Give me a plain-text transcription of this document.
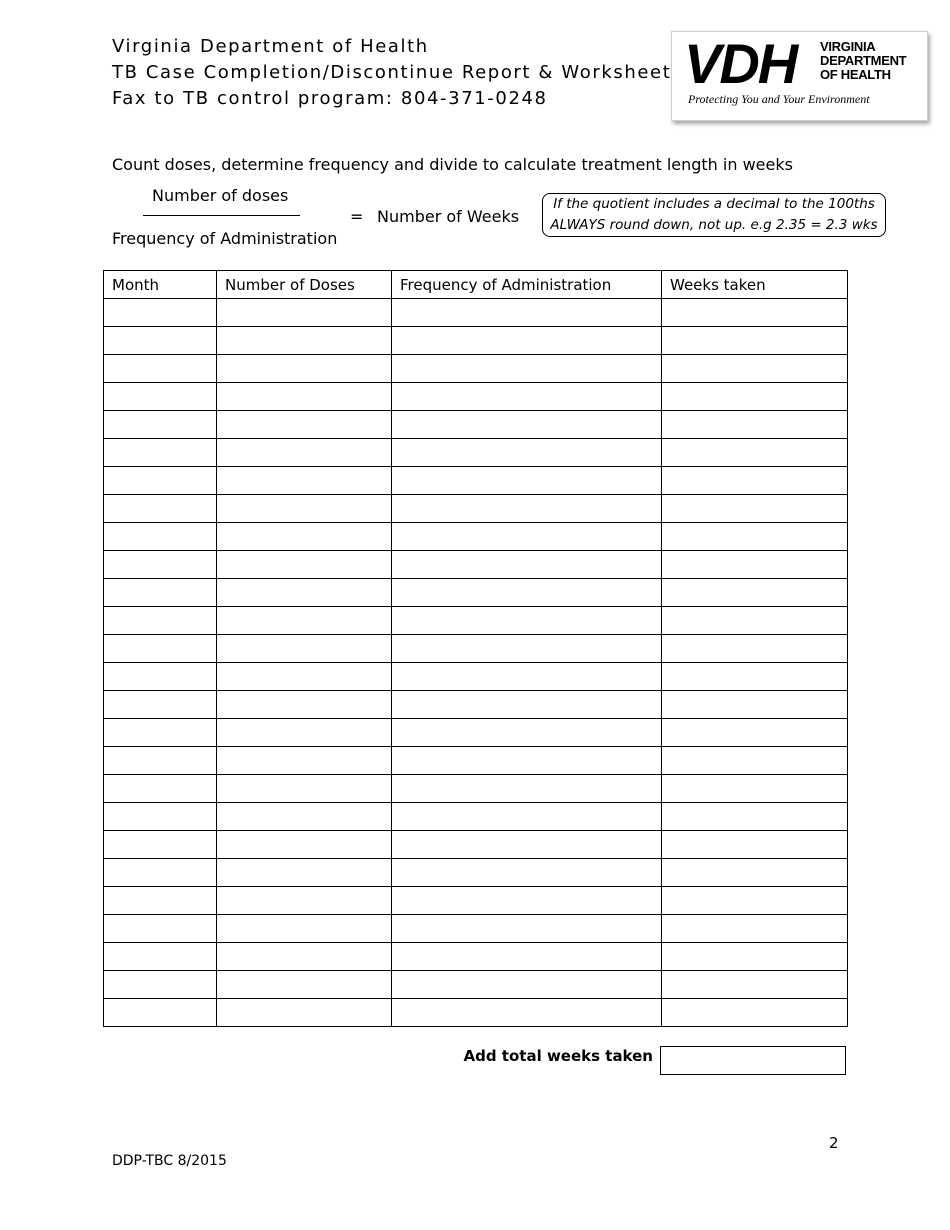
Virginia Department of Health
TB Case Completion/Discontinue Report & Worksheet
Fax to TB control program: 804-371-0248
VDH VIRGINIA
DEPARTMENT
OF HEALTH
Protecting You and Your Environment
Count doses, determine frequency and divide to calculate treatment length in weeks
Number of doses
Frequency of Administration
= Number of Weeks
If the quotient includes a decimal to the 100ths
ALWAYS round down, not up. e.g 2.35 = 2.3 wks
Month	Number of Doses	Frequency of Administration	Weeks taken

Add total weeks taken
2
DDP-TBC 8/2015
